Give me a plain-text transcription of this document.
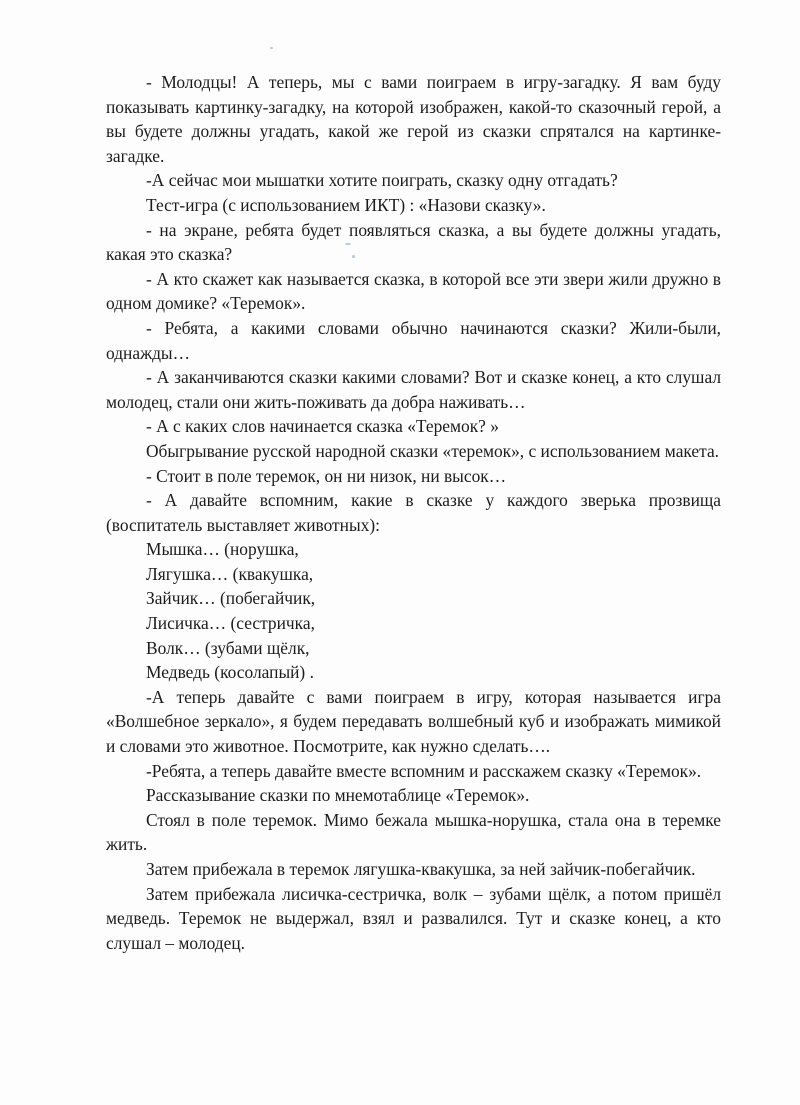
- Молодцы! А теперь, мы с вами поиграем в игру-загадку. Я вам буду показывать картинку-загадку, на которой изображен, какой-то сказочный герой, а вы будете должны угадать, какой же герой из сказки спрятался на картинке-загадке.

-А сейчас мои мышатки хотите поиграть, сказку одну отгадать?

Тест-игра (с использованием ИКТ) : «Назови сказку».

- на экране, ребята будет появляться сказка, а вы будете должны угадать, какая это сказка?

- А кто скажет как называется сказка, в которой все эти звери жили дружно в одном домике? «Теремок».

- Ребята, а какими словами обычно начинаются сказки? Жили-были, однажды…

- А заканчиваются сказки какими словами? Вот и сказке конец, а кто слушал молодец, стали они жить-поживать да добра наживать…

- А с каких слов начинается сказка «Теремок? »

Обыгрывание русской народной сказки «теремок», с использованием макета.

- Стоит в поле теремок, он ни низок, ни высок…

- А давайте вспомним, какие в сказке у каждого зверька прозвища (воспитатель выставляет животных):

Мышка… (норушка,

Лягушка… (квакушка,

Зайчик… (побегайчик,

Лисичка… (сестричка,

Волк… (зубами щёлк,

Медведь (косолапый) .

-А теперь давайте с вами поиграем в игру, которая называется игра «Волшебное зеркало», я будем передавать волшебный куб и изображать мимикой и словами это животное. Посмотрите, как нужно сделать….

-Ребята, а теперь давайте вместе вспомним и расскажем сказку «Теремок».

Рассказывание сказки по мнемотаблице «Теремок».

Стоял в поле теремок. Мимо бежала мышка-норушка, стала она в теремке жить.

Затем прибежала в теремок лягушка-квакушка, за ней зайчик-побегайчик.

Затем прибежала лисичка-сестричка, волк – зубами щёлк, а потом пришёл медведь. Теремок не выдержал, взял и развалился. Тут и сказке конец, а кто слушал – молодец.
